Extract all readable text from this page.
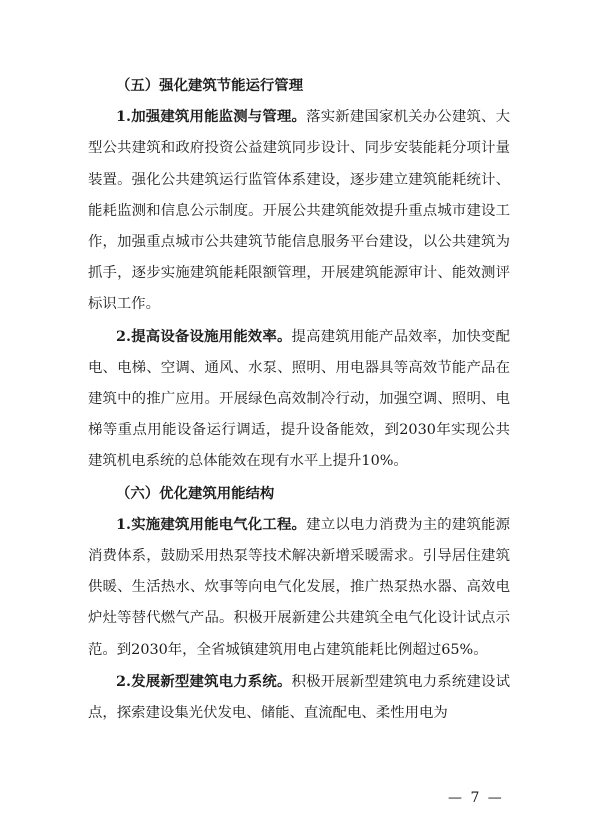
（五）强化建筑节能运行管理

1.加强建筑用能监测与管理。落实新建国家机关办公建筑、大型公共建筑和政府投资公益建筑同步设计、同步安装能耗分项计量装置。强化公共建筑运行监管体系建设，逐步建立建筑能耗统计、能耗监测和信息公示制度。开展公共建筑能效提升重点城市建设工作，加强重点城市公共建筑节能信息服务平台建设，以公共建筑为抓手，逐步实施建筑能耗限额管理，开展建筑能源审计、能效测评标识工作。

2.提高设备设施用能效率。提高建筑用能产品效率，加快变配电、电梯、空调、通风、水泵、照明、用电器具等高效节能产品在建筑中的推广应用。开展绿色高效制冷行动，加强空调、照明、电梯等重点用能设备运行调适，提升设备能效，到2030年实现公共建筑机电系统的总体能效在现有水平上提升10%。

（六）优化建筑用能结构

1.实施建筑用能电气化工程。建立以电力消费为主的建筑能源消费体系，鼓励采用热泵等技术解决新增采暖需求。引导居住建筑供暖、生活热水、炊事等向电气化发展，推广热泵热水器、高效电炉灶等替代燃气产品。积极开展新建公共建筑全电气化设计试点示范。到2030年，全省城镇建筑用电占建筑能耗比例超过65%。

2.发展新型建筑电力系统。积极开展新型建筑电力系统建设试点，探索建设集光伏发电、储能、直流配电、柔性用电为

— 7 —
